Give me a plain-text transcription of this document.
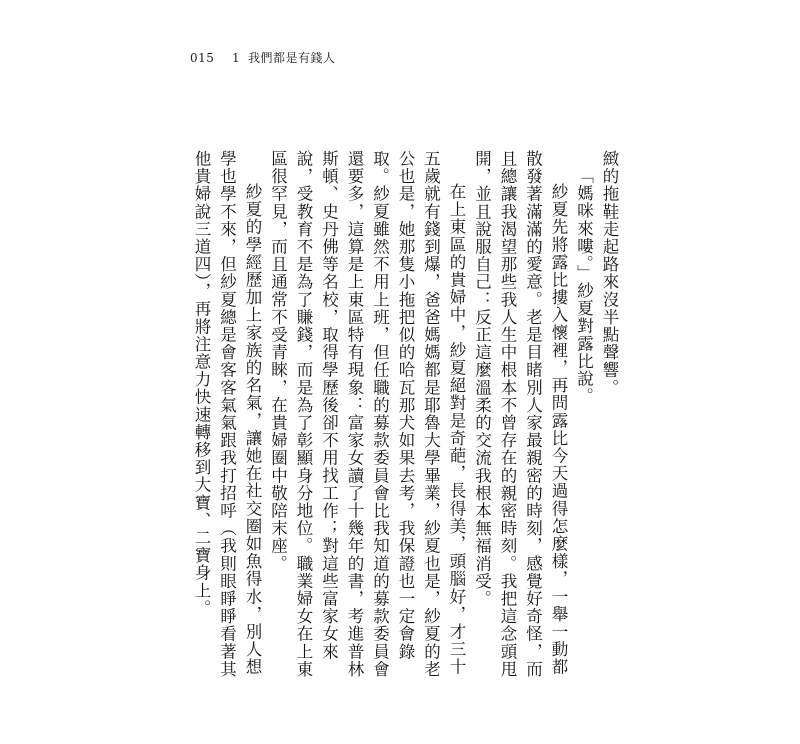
015 1 我們都是有錢人

緻的拖鞋走起路來沒半點聲響。

「媽咪來嘍。」紗夏對露比說。

紗夏先將露比摟入懷裡，再問露比今天過得怎麼樣，一舉一動都散發著滿滿的愛意。老是目睹別人家最親密的時刻，感覺好奇怪，而且總讓我渴望那些我人生中根本不曾存在的親密時刻。我把這念頭甩開，並且說服自己：反正這麼溫柔的交流我根本無福消受。

在上東區的貴婦中，紗夏絕對是奇葩，長得美，頭腦好，才三十五歲就有錢到爆，爸爸媽媽都是耶魯大學畢業，紗夏也是，紗夏的老公也是，她那隻小拖把似的哈瓦那犬如果去考，我保證也一定會錄取。紗夏雖然不用上班，但任職的募款委員會比我知道的募款委員會還要多，這算是上東區特有現象：富家女讀了十幾年的書，考進普林斯頓、史丹佛等名校，取得學歷後卻不用找工作；對這些富家女來說，受教育不是為了賺錢，而是為了彰顯身分地位。職業婦女在上東區很罕見，而且通常不受青睞，在貴婦圈中敬陪末座。

紗夏的學經歷加上家族的名氣，讓她在社交圈如魚得水，別人想學也學不來，但紗夏總是會客客氣氣跟我打招呼（我則眼睜睜看著其他貴婦說三道四），再將注意力快速轉移到大寶、二寶身上。
